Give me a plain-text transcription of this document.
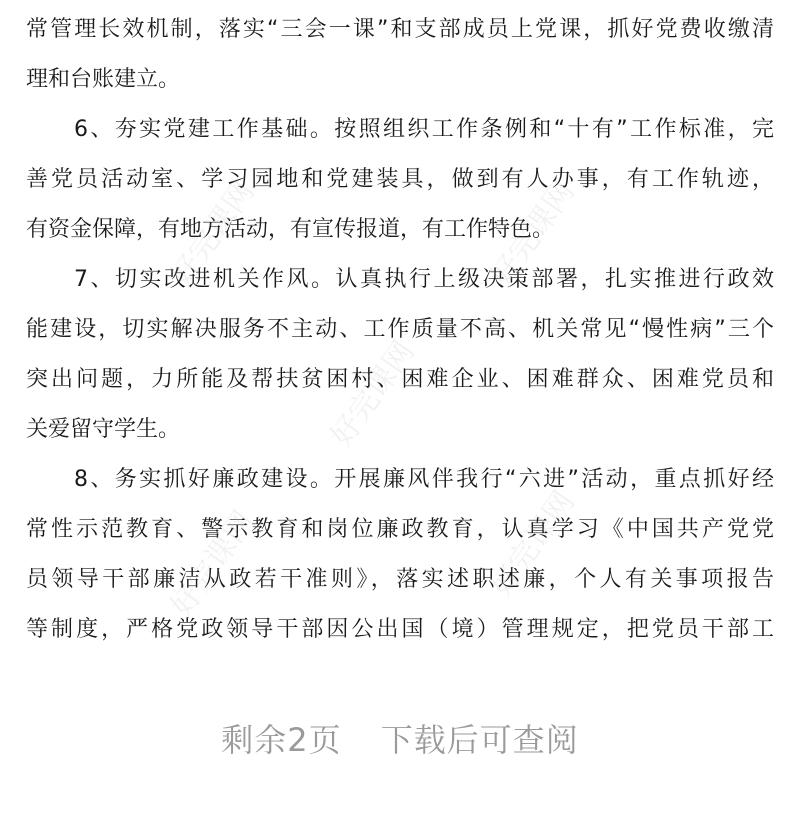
常管理长效机制，落实“三会一课”和支部成员上党课，抓好党费收缴清
理和台账建立。
6、夯实党建工作基础。按照组织工作条例和“十有”工作标准，完
善党员活动室、学习园地和党建装具，做到有人办事，有工作轨迹，
有资金保障，有地方活动，有宣传报道，有工作特色。
7、切实改进机关作风。认真执行上级决策部署，扎实推进行政效
能建设，切实解决服务不主动、工作质量不高、机关常见“慢性病”三个
突出问题，力所能及帮扶贫困村、困难企业、困难群众、困难党员和
关爱留守学生。
8、务实抓好廉政建设。开展廉风伴我行“六进”活动，重点抓好经
常性示范教育、警示教育和岗位廉政教育，认真学习《中国共产党党
员领导干部廉洁从政若干准则》，落实述职述廉，个人有关事项报告
等制度，严格党政领导干部因公出国（境）管理规定，把党员干部工
好完课网	好完课网
好完课网
好完课网	好完课网
剩余2页 下载后可查阅
